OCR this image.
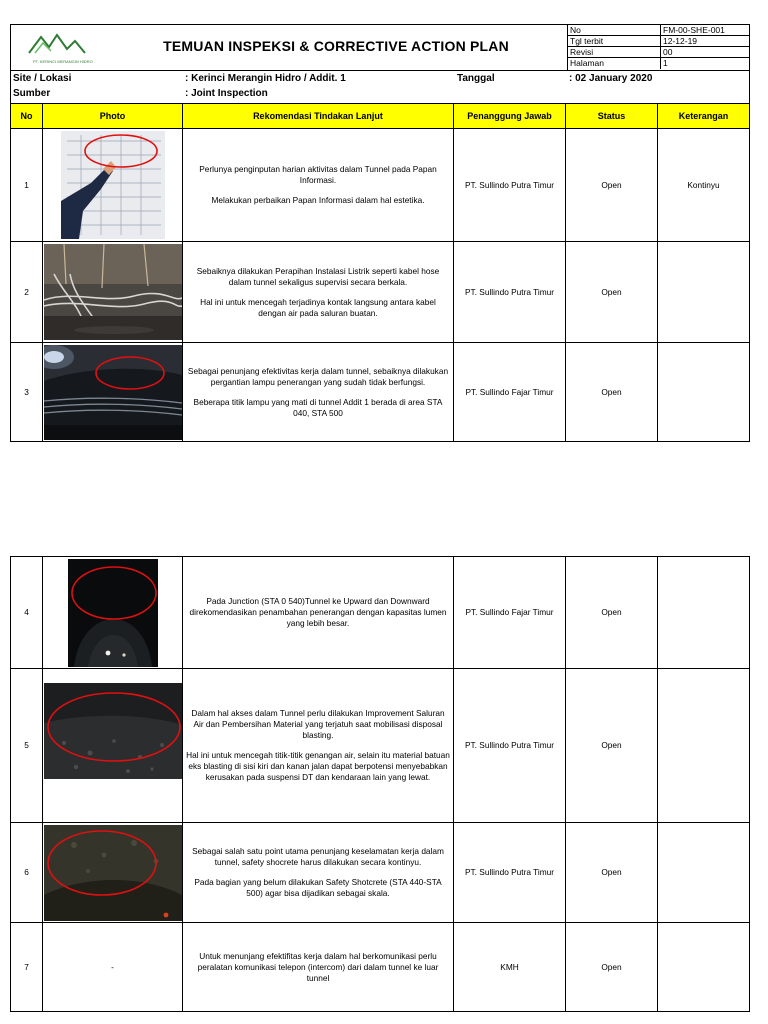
PT. KERINCI MERANGIN HIDRO
TEMUAN INSPEKSI & CORRECTIVE ACTION PLAN
No	FM-00-SHE-001
Tgl terbit	12-12-19
Revisi	00
Halaman	1
Site / Lokasi	: Kerinci Merangin Hidro / Addit. 1	Tanggal	: 02 January 2020
Sumber	: Joint Inspection
No	Photo	Rekomendasi Tindakan Lanjut	Penanggung Jawab	Status	Keterangan
1

Perlunya penginputan harian aktivitas dalam Tunnel pada Papan Informasi.

Melakukan perbaikan Papan Informasi dalam hal estetika.

PT. Sullindo Putra Timur	Open	Kontinyu
2

Sebaiknya dilakukan Perapihan Instalasi Listrik seperti kabel hose dalam tunnel sekaligus supervisi secara berkala.

Hal ini untuk mencegah terjadinya kontak langsung antara kabel dengan air pada saluran buatan.

PT. Sullindo Putra Timur	Open
3

Sebagai penunjang efektivitas kerja dalam tunnel, sebaiknya dilakukan pergantian lampu penerangan yang sudah tidak berfungsi.

Beberapa titik lampu yang mati di tunnel Addit 1 berada di area STA 040, STA 500

PT. Sullindo Fajar Timur	Open
4

Pada Junction (STA 0 540)Tunnel ke Upward dan Downward direkomendasikan penambahan penerangan dengan kapasitas lumen yang lebih besar.

PT. Sullindo Fajar Timur	Open
5

Dalam hal akses dalam Tunnel perlu dilakukan Improvement Saluran Air dan Pembersihan Material yang terjatuh saat mobilisasi disposal blasting.

Hal ini untuk mencegah titik-titik genangan air, selain itu material batuan eks blasting di sisi kiri dan kanan jalan dapat berpotensi menyebabkan kerusakan pada suspensi DT dan kendaraan lain yang lewat.

PT. Sullindo Putra Timur	Open
6

Sebagai salah satu point utama penunjang keselamatan kerja dalam tunnel, safety shocrete harus dilakukan secara kontinyu.

Pada bagian yang belum dilakukan Safety Shotcrete (STA 440-STA 500) agar bisa dijadikan sebagai skala.

PT. Sullindo Putra Timur	Open
7	-

Untuk menunjang efektifitas kerja dalam hal berkomunikasi perlu peralatan komunikasi telepon (intercom) dari dalam tunnel ke luar tunnel

KMH	Open
